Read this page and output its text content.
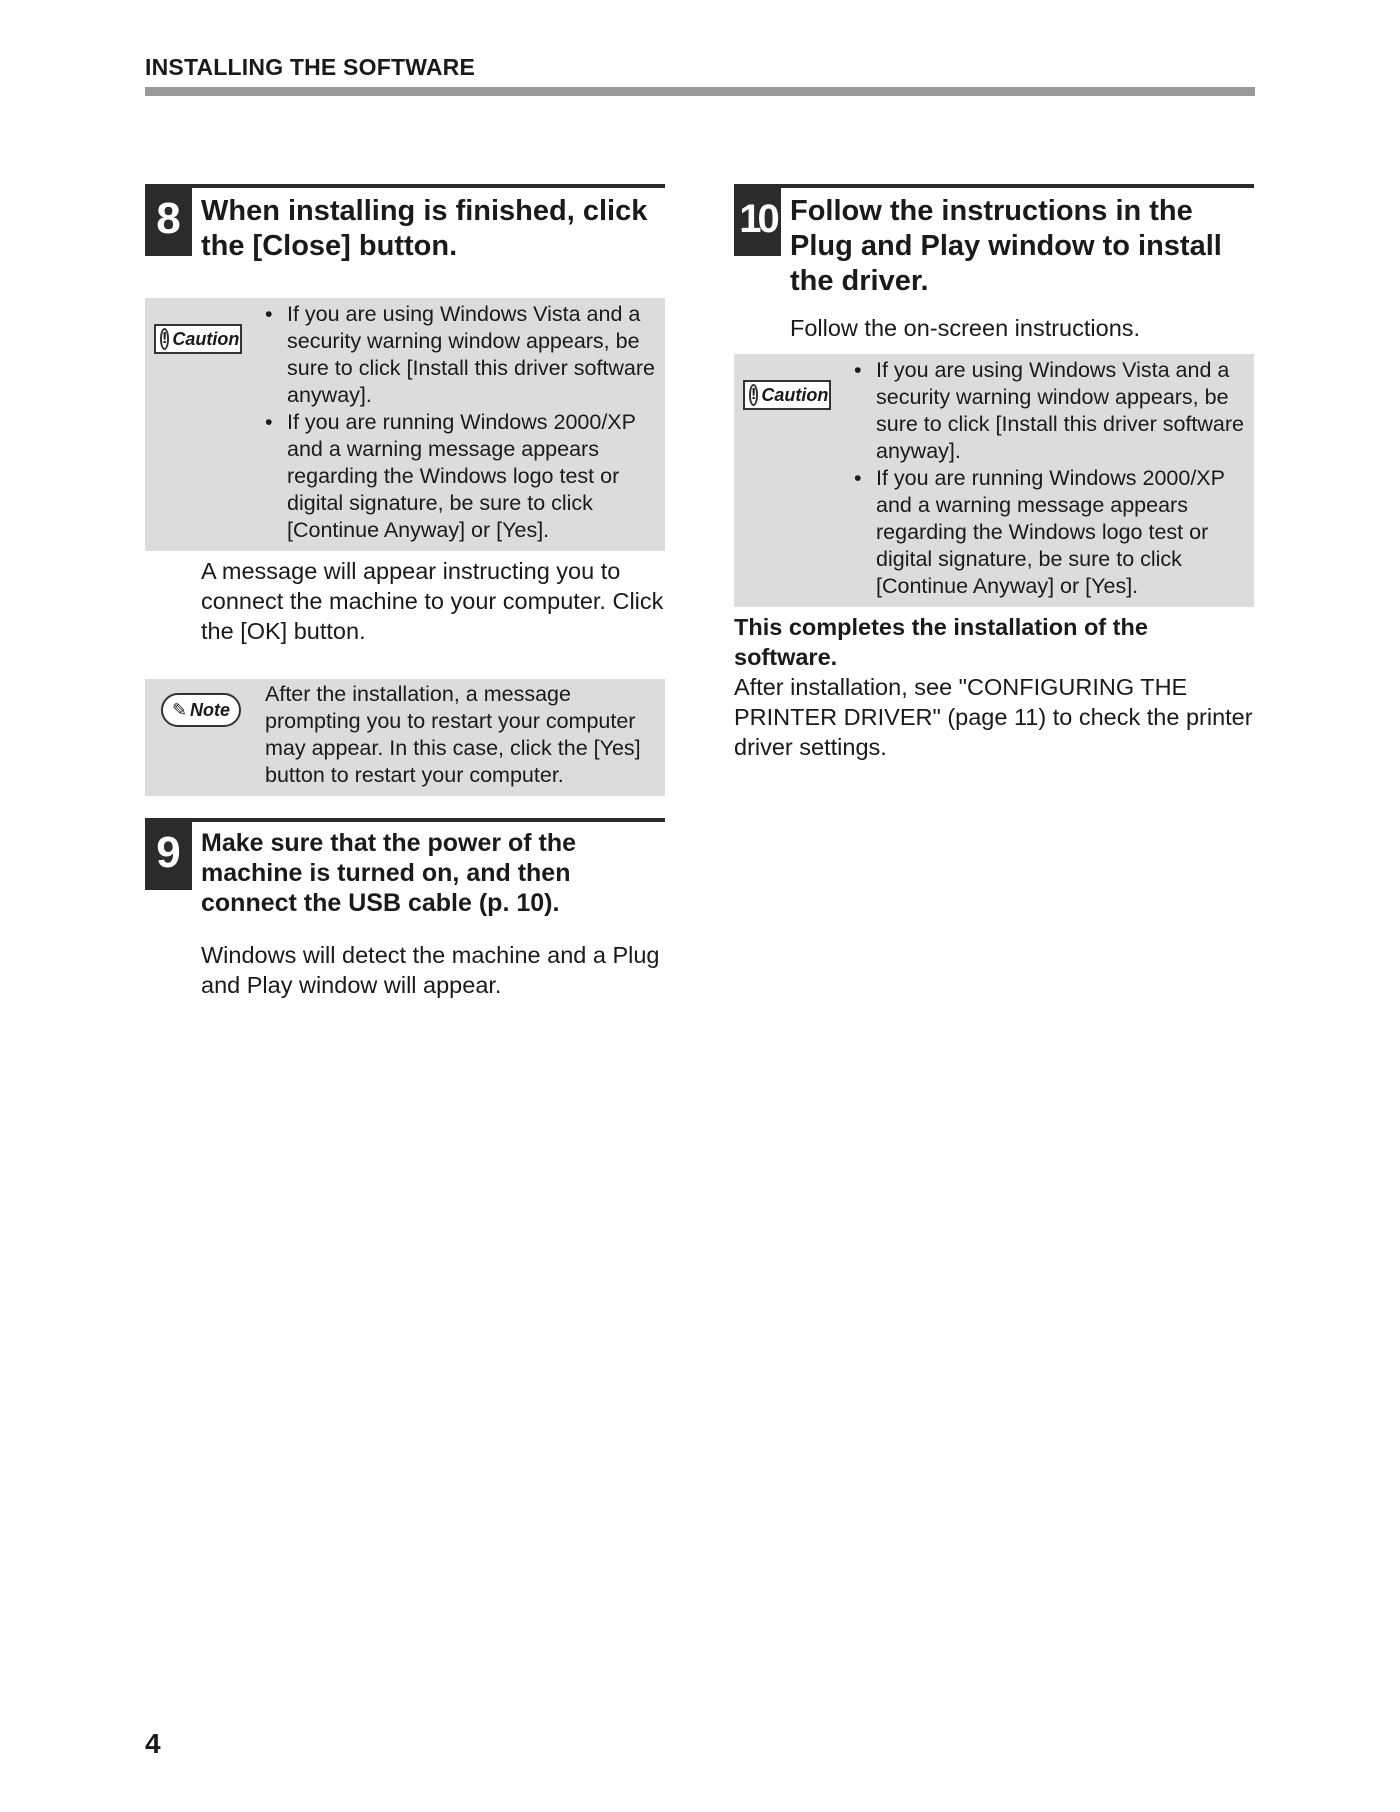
INSTALLING THE SOFTWARE
8 When installing is finished, click the [Close] button.

! Caution
• If you are using Windows Vista and a security warning window appears, be sure to click [Install this driver software anyway].
• If you are running Windows 2000/XP and a warning message appears regarding the Windows logo test or digital signature, be sure to click [Continue Anyway] or [Yes].

A message will appear instructing you to connect the machine to your computer. Click the [OK] button.

✎ Note

After the installation, a message prompting you to restart your computer may appear. In this case, click the [Yes] button to restart your computer.

9 Make sure that the power of the machine is turned on, and then connect the USB cable (p. 10).

Windows will detect the machine and a Plug and Play window will appear.

10 Follow the instructions in the Plug and Play window to install the driver.

Follow the on-screen instructions.

! Caution
• If you are using Windows Vista and a security warning window appears, be sure to click [Install this driver software anyway].
• If you are running Windows 2000/XP and a warning message appears regarding the Windows logo test or digital signature, be sure to click [Continue Anyway] or [Yes].

This completes the installation of the software.

After installation, see "CONFIGURING THE PRINTER DRIVER" (page 11) to check the printer driver settings.

4
